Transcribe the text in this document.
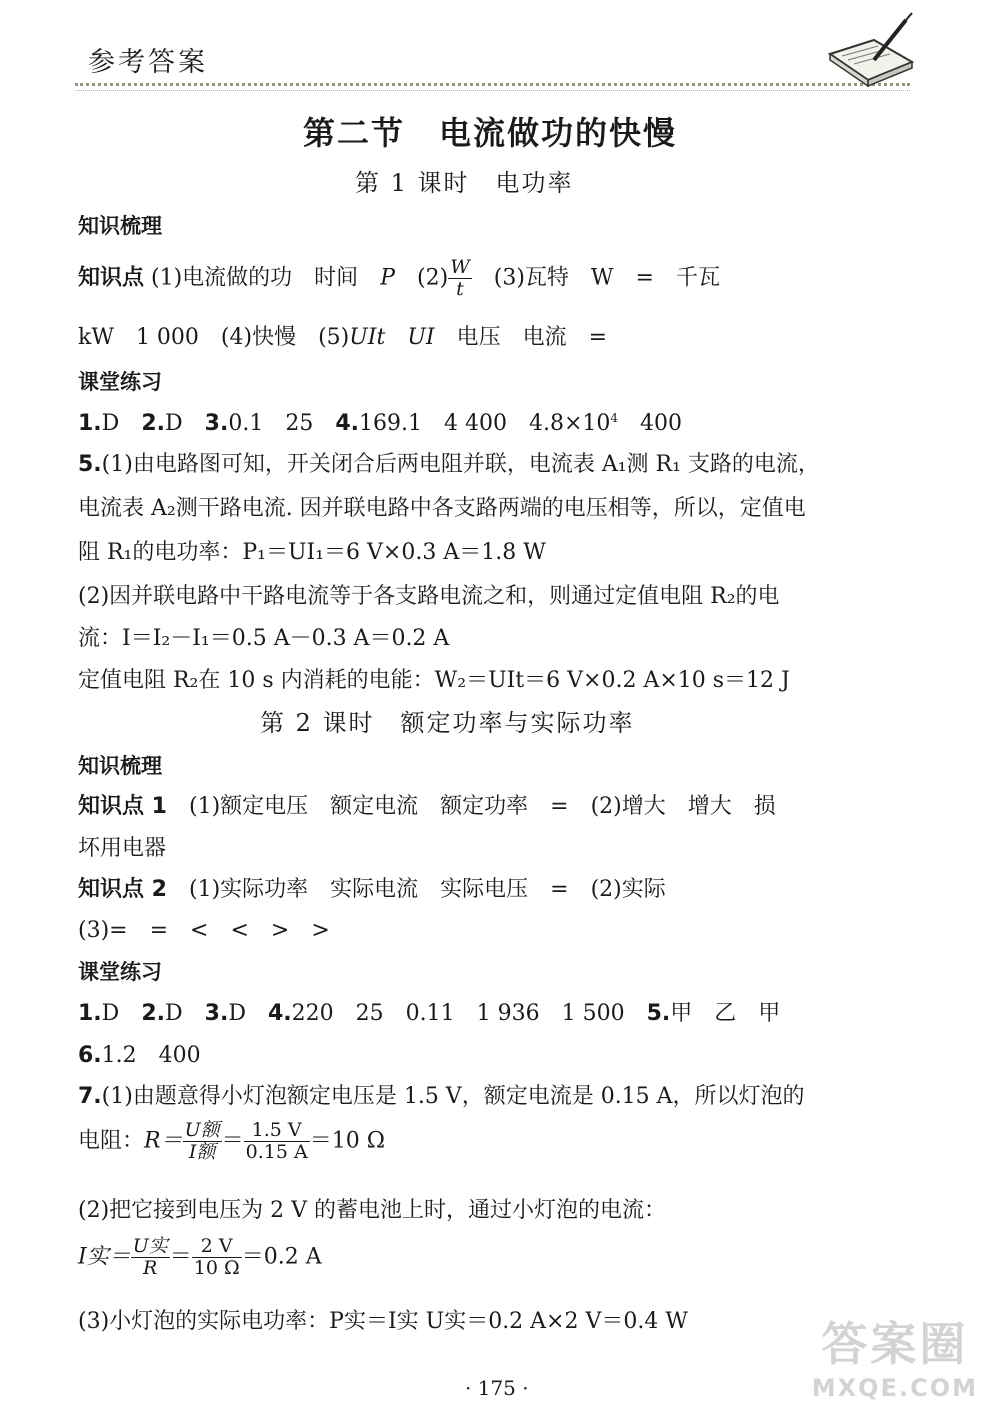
参考答案
第二节　电流做功的快慢
第 1 课时　电功率
知识梳理
知识点 (1)电流做的功　时间　P　 $(2) \frac{W}{t}$
　 (3)瓦特　W　=　千瓦
kW　1 000　(4)快慢　(5)UIt　 UI　 电压　电流　=
课堂练习
1.D　 2.D　 3.0.1　25　 4.169.1　4 400　$4.8\times 10^4$　 400
5.(1)由电路图可知，开关闭合后两电阻并联，电流表 A₁测 R₁ 支路的电流，
电流表 A₂测干路电流. 因并联电路中各支路两端的电压相等，所以，定值电
阻 R₁的电功率：P₁＝UI₁＝6 V×0.3 A＝1.8 W
(2)因并联电路中干路电流等于各支路电流之和，则通过定值电阻 R₂的电
流：I＝I₂－I₁＝0.5 A－0.3 A＝0.2 A
定值电阻 R₂在 10 s 内消耗的电能：W₂＝UIt＝6 V×0.2 A×10 s＝12 J
第 2 课时　额定功率与实际功率
知识梳理
知识点 1　 (1)额定电压　额定电流　额定功率　=　(2)增大　增大　损
坏用电器
知识点 2　 (1)实际功率　实际电流　实际电压　=　(2)实际
(3)=　=　<　<　>　>
课堂练习
1.D　 2.D　 3.D　 4.220　25　0.11　1 936　1 500　 5.甲　乙　甲
6.1.2　400
7.(1)由题意得小灯泡额定电压是 1.5 V，额定电流是 0.15 A，所以灯泡的
电阻：$R= \frac{\text{U额}}{\text{I额}} = \frac{1.5 V}{0.15 A} =10$ Ω
(2)把它接到电压为 2 V 的蓄电池上时，通过小灯泡的电流：
I实＝ $\frac{\text{U实}}{R} = \frac{2 V}{10 \Omega} =0.2$ A
(3)小灯泡的实际电功率：P实＝I实 U实＝0.2 A×2 V＝0.4 W
· 175 ·
答案圈
MXQE.COM
